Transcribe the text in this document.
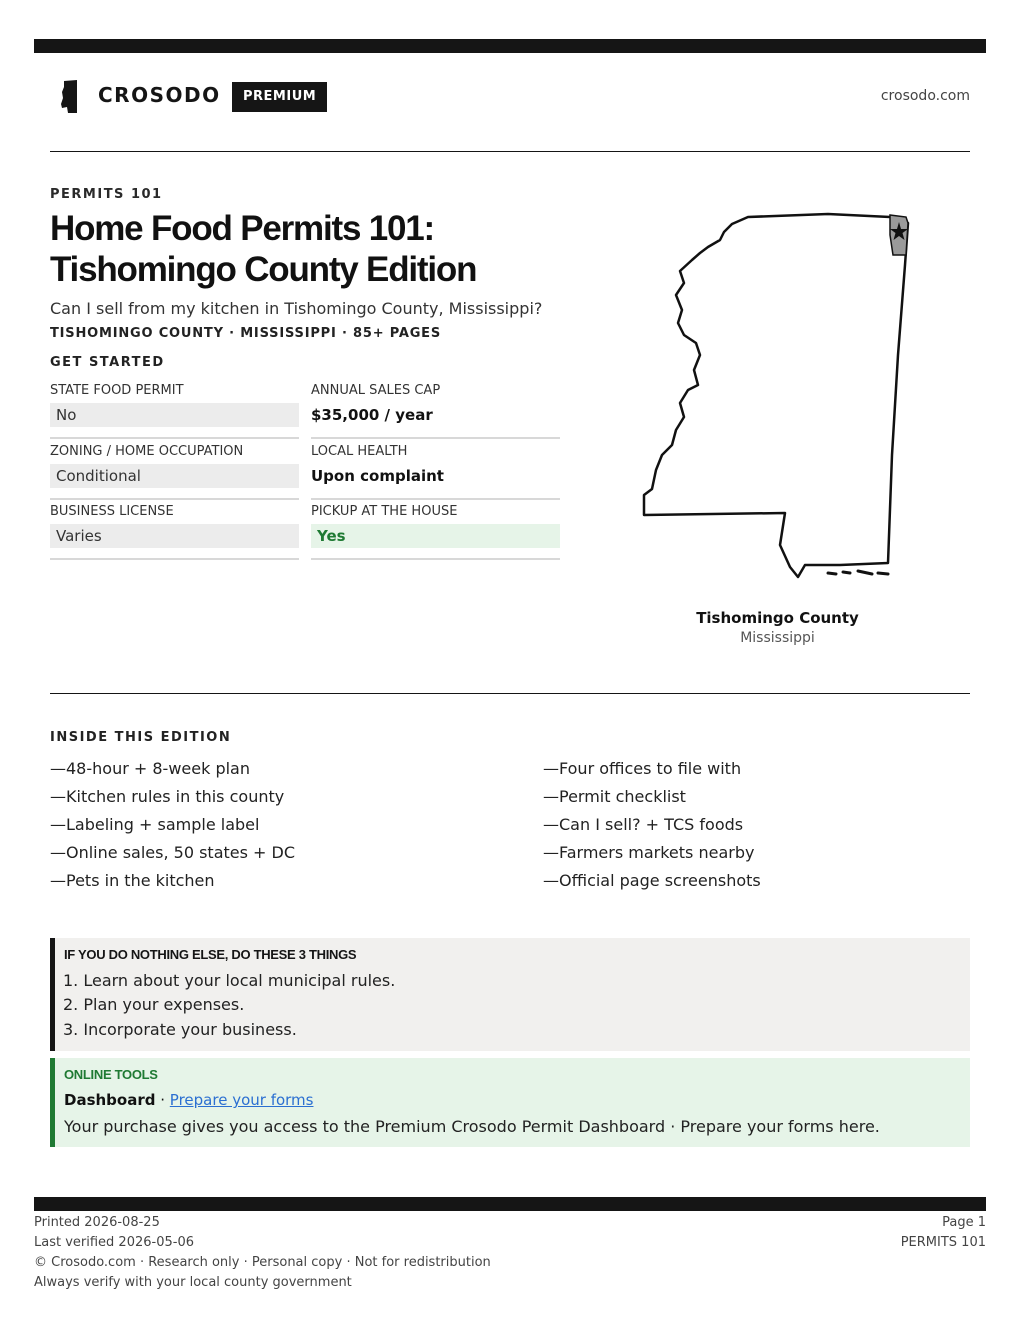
CROSODO	PREMIUM	crosodo.com
PERMITS 101
Home Food Permits 101:
Tishomingo County Edition
Can I sell from my kitchen in Tishomingo County, Mississippi?
TISHOMINGO COUNTY · MISSISSIPPI · 85+ PAGES
GET STARTED
STATE FOOD PERMIT
No
ANNUAL SALES CAP
$35,000 / year
ZONING / HOME OCCUPATION
Conditional
LOCAL HEALTH
Upon complaint
BUSINESS LICENSE
Varies
PICKUP AT THE HOUSE
Yes
Tishomingo County
Mississippi
INSIDE THIS EDITION
—48-hour + 8-week plan
—Kitchen rules in this county
—Labeling + sample label
—Online sales, 50 states + DC
—Pets in the kitchen
—Four offices to file with
—Permit checklist
—Can I sell? + TCS foods
—Farmers markets nearby
—Official page screenshots
IF YOU DO NOTHING ELSE, DO THESE 3 THINGS
1. Learn about your local municipal rules.
2. Plan your expenses.
3. Incorporate your business.
ONLINE TOOLS
Dashboard · Prepare your forms
Your purchase gives you access to the Premium Crosodo Permit Dashboard · Prepare your forms here.
Printed 2026-08-25
Last verified 2026-05-06
© Crosodo.com · Research only · Personal copy · Not for redistribution
Always verify with your local county government
Page 1
PERMITS 101
